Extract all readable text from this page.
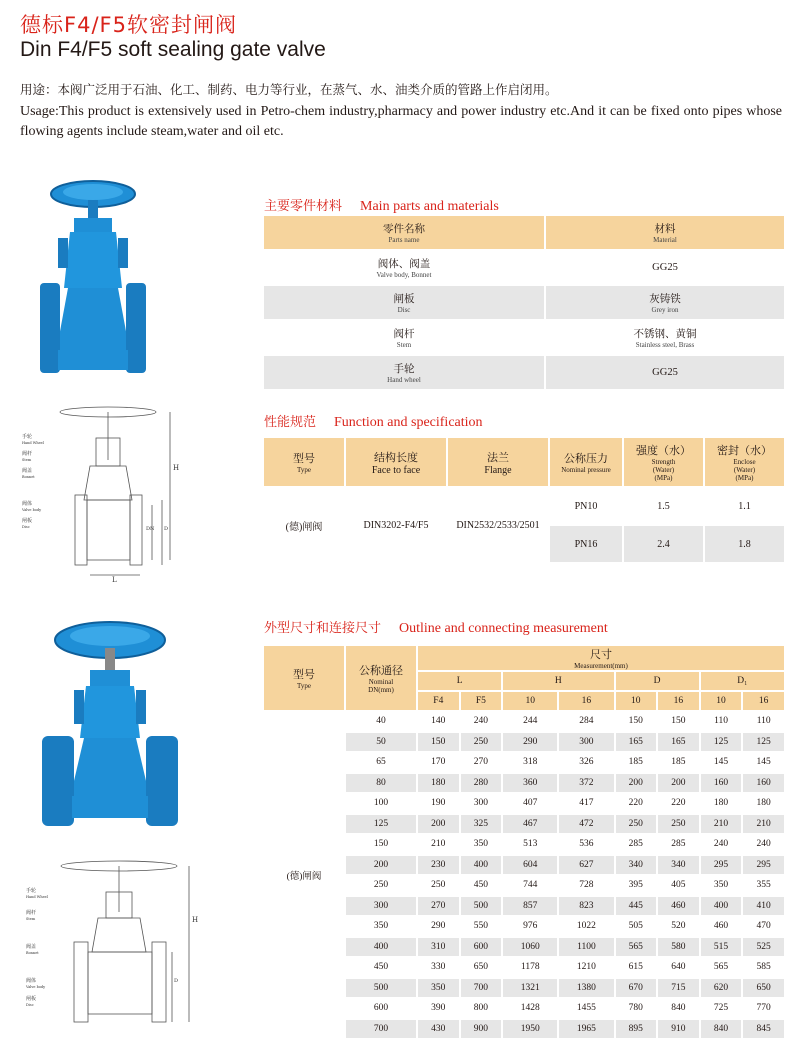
德标F4/F5软密封闸阀
Din F4/F5 soft sealing gate valve
用途：本阀广泛用于石油、化工、制药、电力等行业，在蒸气、水、油类介质的管路上作启闭用。
Usage:This product is extensively used in Petro-chem industry,pharmacy and power industry etc.And it can be fixed onto pipes whose flowing agents include steam,water and oil etc.
手轮
Hand Wheel
阀杆
Stem
阀盖
Bonnet
阀体
Valve body
闸板
Disc
H
L
DN D
手轮
Hand Wheel
阀杆
Stem
阀盖
Bonnet
阀体
Valve body
闸板
Disc
H
D
主要零件材料 Main parts and materials
零件名称
Parts name	材料
Material

阀体、阀盖
Valve body, Bonnet	GG25

闸板
Disc	灰铸铁
Grey iron

阀杆
Stem	不锈钢、黄铜
Stainless steel, Brass

手轮
Hand wheel	GG25
性能规范 Function and specification
型号
Type	结构长度
Face to face	法兰
Flange	公称压力
Nominal pressure	强度（水）
Strength
(Water)
(MPa)	密封（水）
Enclose
(Water)
(MPa)

(德)闸阀	DIN3202-F4/F5	DIN2532/2533/2501	PN10	1.5	1.1
			PN16	2.4	1.8
外型尺寸和连接尺寸 Outline and connecting measurement
型号
Type	公称通径
Nominal
DN(mm)	尺寸
Measurement(mm)							

		L		H		D		D₁	
		F4	F5	10	16	10	16	10	16
(德)闸阀	40	140	240	244	284	150	150	110	110
	50	150	250	290	300	165	165	125	125
	65	170	270	318	326	185	185	145	145
	80	180	280	360	372	200	200	160	160
	100	190	300	407	417	220	220	180	180
	125	200	325	467	472	250	250	210	210
	150	210	350	513	536	285	285	240	240
	200	230	400	604	627	340	340	295	295
	250	250	450	744	728	395	405	350	355
	300	270	500	857	823	445	460	400	410
	350	290	550	976	1022	505	520	460	470
	400	310	600	1060	1100	565	580	515	525
	450	330	650	1178	1210	615	640	565	585
	500	350	700	1321	1380	670	715	620	650
	600	390	800	1428	1455	780	840	725	770
	700	430	900	1950	1965	895	910	840	845
